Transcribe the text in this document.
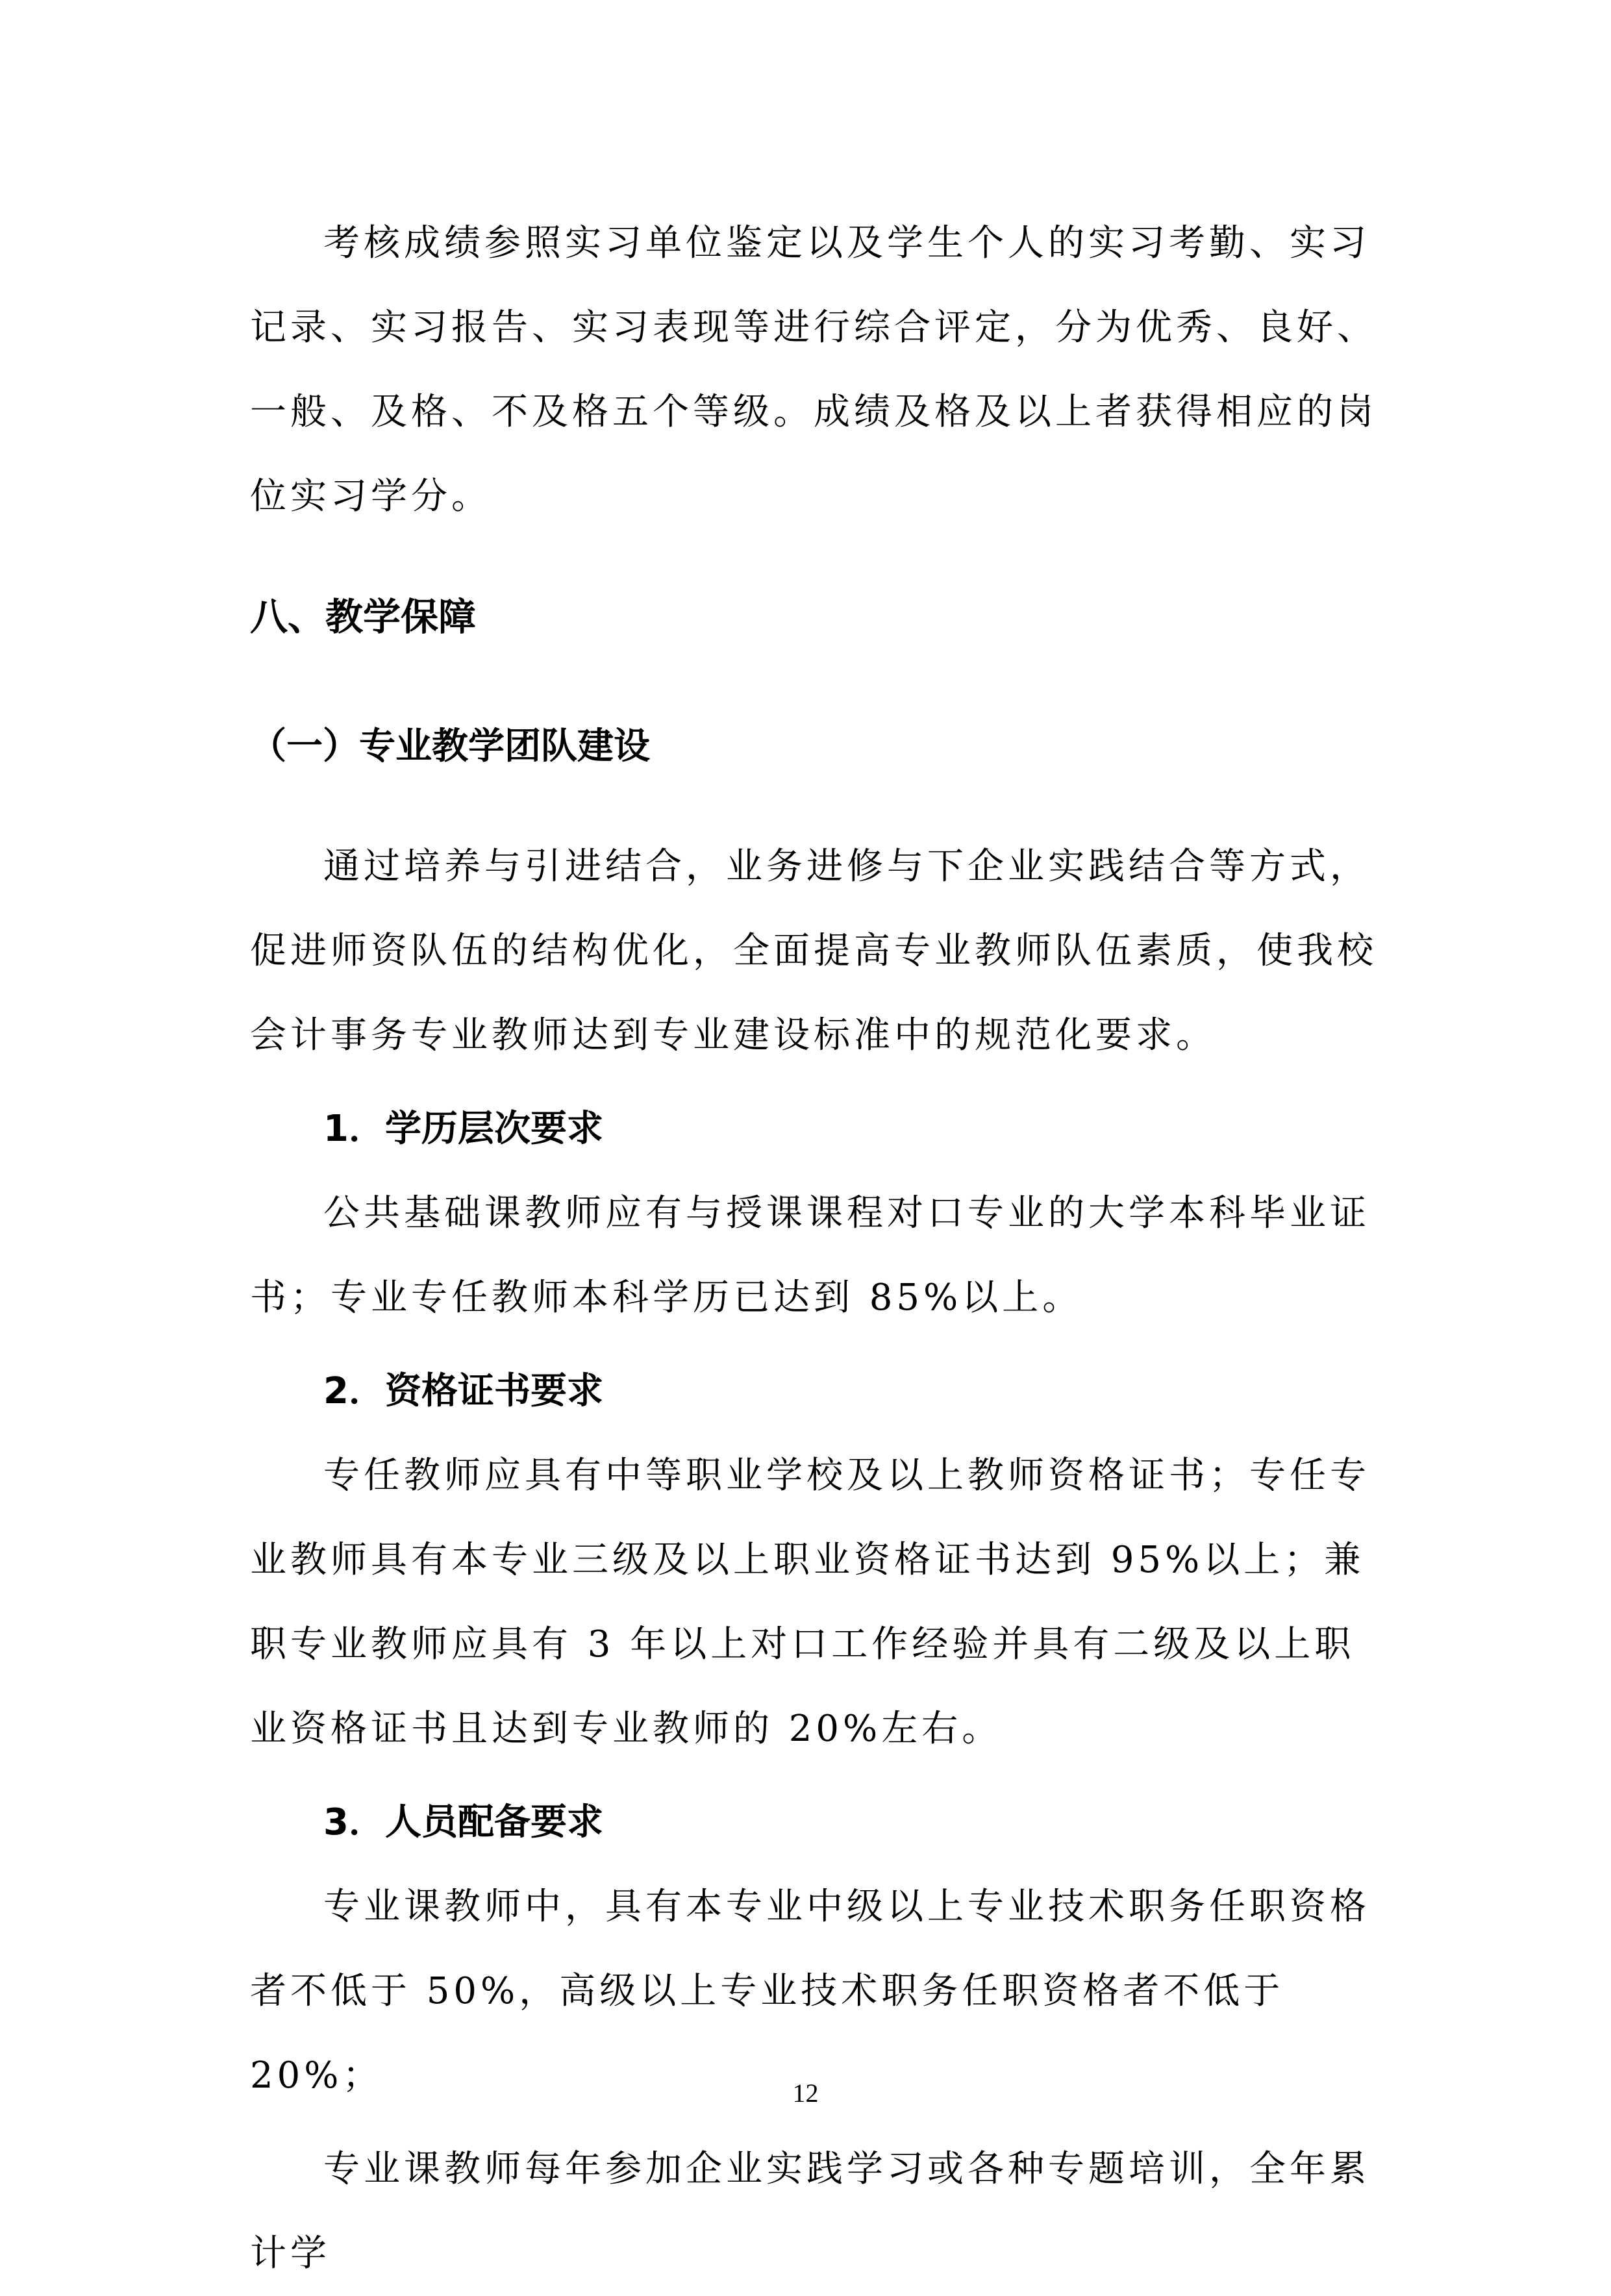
考核成绩参照实习单位鉴定以及学生个人的实习考勤、实习记录、实习报告、实习表现等进行综合评定，分为优秀、良好、一般、及格、不及格五个等级。成绩及格及以上者获得相应的岗位实习学分。

八、教学保障
（一）专业教学团队建设

通过培养与引进结合，业务进修与下企业实践结合等方式，促进师资队伍的结构优化，全面提高专业教师队伍素质，使我校会计事务专业教师达到专业建设标准中的规范化要求。

1．学历层次要求

公共基础课教师应有与授课课程对口专业的大学本科毕业证书；专业专任教师本科学历已达到 85%以上。

2．资格证书要求

专任教师应具有中等职业学校及以上教师资格证书；专任专业教师具有本专业三级及以上职业资格证书达到 95%以上；兼职专业教师应具有 3 年以上对口工作经验并具有二级及以上职业资格证书且达到专业教师的 20%左右。

3．人员配备要求

专业课教师中，具有本专业中级以上专业技术职务任职资格者不低于 50%，高级以上专业技术职务任职资格者不低于 20%；

专业课教师每年参加企业实践学习或各种专题培训，全年累计学

12
